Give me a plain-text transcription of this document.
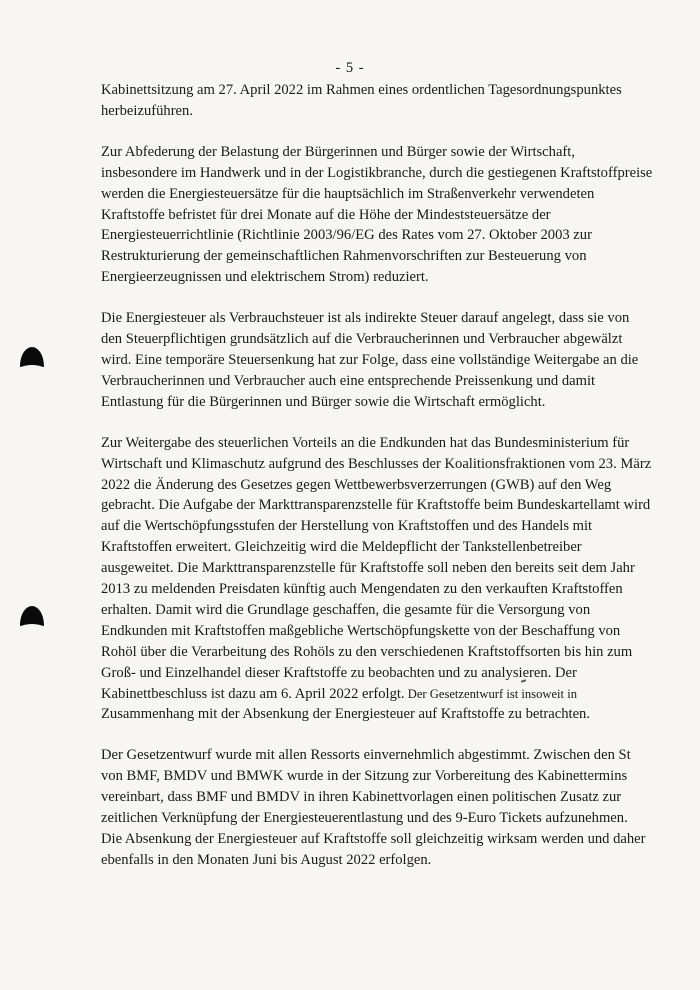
- 5 -
Kabinettsitzung am 27. April 2022 im Rahmen eines ordentlichen Tagesordnungspunktes
herbeizuführen.
Zur Abfederung der Belastung der Bürgerinnen und Bürger sowie der Wirtschaft,
insbesondere im Handwerk und in der Logistikbranche, durch die gestiegenen Kraftstoffpreise
werden die Energiesteuersätze für die hauptsächlich im Straßenverkehr verwendeten
Kraftstoffe befristet für drei Monate auf die Höhe der Mindeststeuersätze der
Energiesteuerrichtlinie (Richtlinie 2003/96/EG des Rates vom 27. Oktober 2003 zur
Restrukturierung der gemeinschaftlichen Rahmenvorschriften zur Besteuerung von
Energieerzeugnissen und elektrischem Strom) reduziert.
Die Energiesteuer als Verbrauchsteuer ist als indirekte Steuer darauf angelegt, dass sie von
den Steuerpflichtigen grundsätzlich auf die Verbraucherinnen und Verbraucher abgewälzt
wird. Eine temporäre Steuersenkung hat zur Folge, dass eine vollständige Weitergabe an die
Verbraucherinnen und Verbraucher auch eine entsprechende Preissenkung und damit
Entlastung für die Bürgerinnen und Bürger sowie die Wirtschaft ermöglicht.
Zur Weitergabe des steuerlichen Vorteils an die Endkunden hat das Bundesministerium für
Wirtschaft und Klimaschutz aufgrund des Beschlusses der Koalitionsfraktionen vom 23. März
2022 die Änderung des Gesetzes gegen Wettbewerbsverzerrungen (GWB) auf den Weg
gebracht. Die Aufgabe der Markttransparenzstelle für Kraftstoffe beim Bundeskartellamt wird
auf die Wertschöpfungsstufen der Herstellung von Kraftstoffen und des Handels mit
Kraftstoffen erweitert. Gleichzeitig wird die Meldepflicht der Tankstellenbetreiber
ausgeweitet. Die Markttransparenzstelle für Kraftstoffe soll neben den bereits seit dem Jahr
2013 zu meldenden Preisdaten künftig auch Mengendaten zu den verkauften Kraftstoffen
erhalten. Damit wird die Grundlage geschaffen, die gesamte für die Versorgung von
Endkunden mit Kraftstoffen maßgebliche Wertschöpfungskette von der Beschaffung von
Rohöl über die Verarbeitung des Rohöls zu den verschiedenen Kraftstoffsorten bis hin zum
Groß- und Einzelhandel dieser Kraftstoffe zu beobachten und zu analysieren. Der
Kabinettbeschluss ist dazu am 6. April 2022 erfolgt. Der Gesetzentwurf ist insoweit in
Zusammenhang mit der Absenkung der Energiesteuer auf Kraftstoffe zu betrachten.
Der Gesetzentwurf wurde mit allen Ressorts einvernehmlich abgestimmt. Zwischen den St
von BMF, BMDV und BMWK wurde in der Sitzung zur Vorbereitung des Kabinettermins
vereinbart, dass BMF und BMDV in ihren Kabinettvorlagen einen politischen Zusatz zur
zeitlichen Verknüpfung der Energiesteuerentlastung und des 9-Euro Tickets aufzunehmen.
Die Absenkung der Energiesteuer auf Kraftstoffe soll gleichzeitig wirksam werden und daher
ebenfalls in den Monaten Juni bis August 2022 erfolgen.
